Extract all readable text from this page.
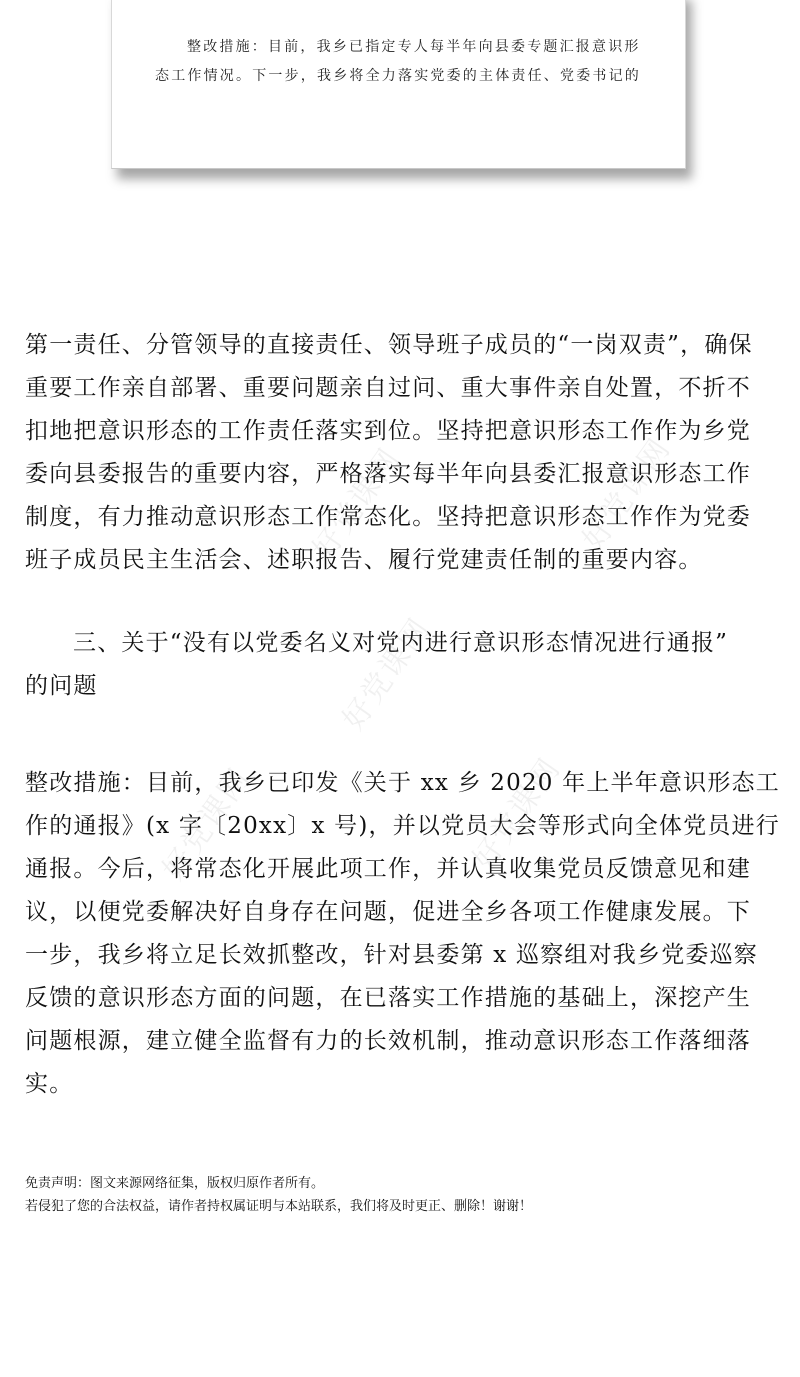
好党课网	好党课网
好党课网
好党课网	好党课网
整改措施：目前，我乡已指定专人每半年向县委专题汇报意识形
态工作情况。下一步，我乡将全力落实党委的主体责任、党委书记的
第一责任、分管领导的直接责任、领导班子成员的“一岗双责”，确保
重要工作亲自部署、重要问题亲自过问、重大事件亲自处置，不折不
扣地把意识形态的工作责任落实到位。坚持把意识形态工作作为乡党
委向县委报告的重要内容，严格落实每半年向县委汇报意识形态工作
制度，有力推动意识形态工作常态化。坚持把意识形态工作作为党委
班子成员民主生活会、述职报告、履行党建责任制的重要内容。
三、关于“没有以党委名义对党内进行意识形态情况进行通报”
的问题
整改措施：目前，我乡已印发《关于 xx 乡 2020 年上半年意识形态工
作的通报》(x 字〔20xx〕x 号)，并以党员大会等形式向全体党员进行
通报。今后，将常态化开展此项工作，并认真收集党员反馈意见和建
议，以便党委解决好自身存在问题，促进全乡各项工作健康发展。下
一步，我乡将立足长效抓整改，针对县委第 x 巡察组对我乡党委巡察
反馈的意识形态方面的问题，在已落实工作措施的基础上，深挖产生
问题根源，建立健全监督有力的长效机制，推动意识形态工作落细落
实。
免责声明：图文来源网络征集，版权归原作者所有。
若侵犯了您的合法权益，请作者持权属证明与本站联系，我们将及时更正、删除！谢谢！
